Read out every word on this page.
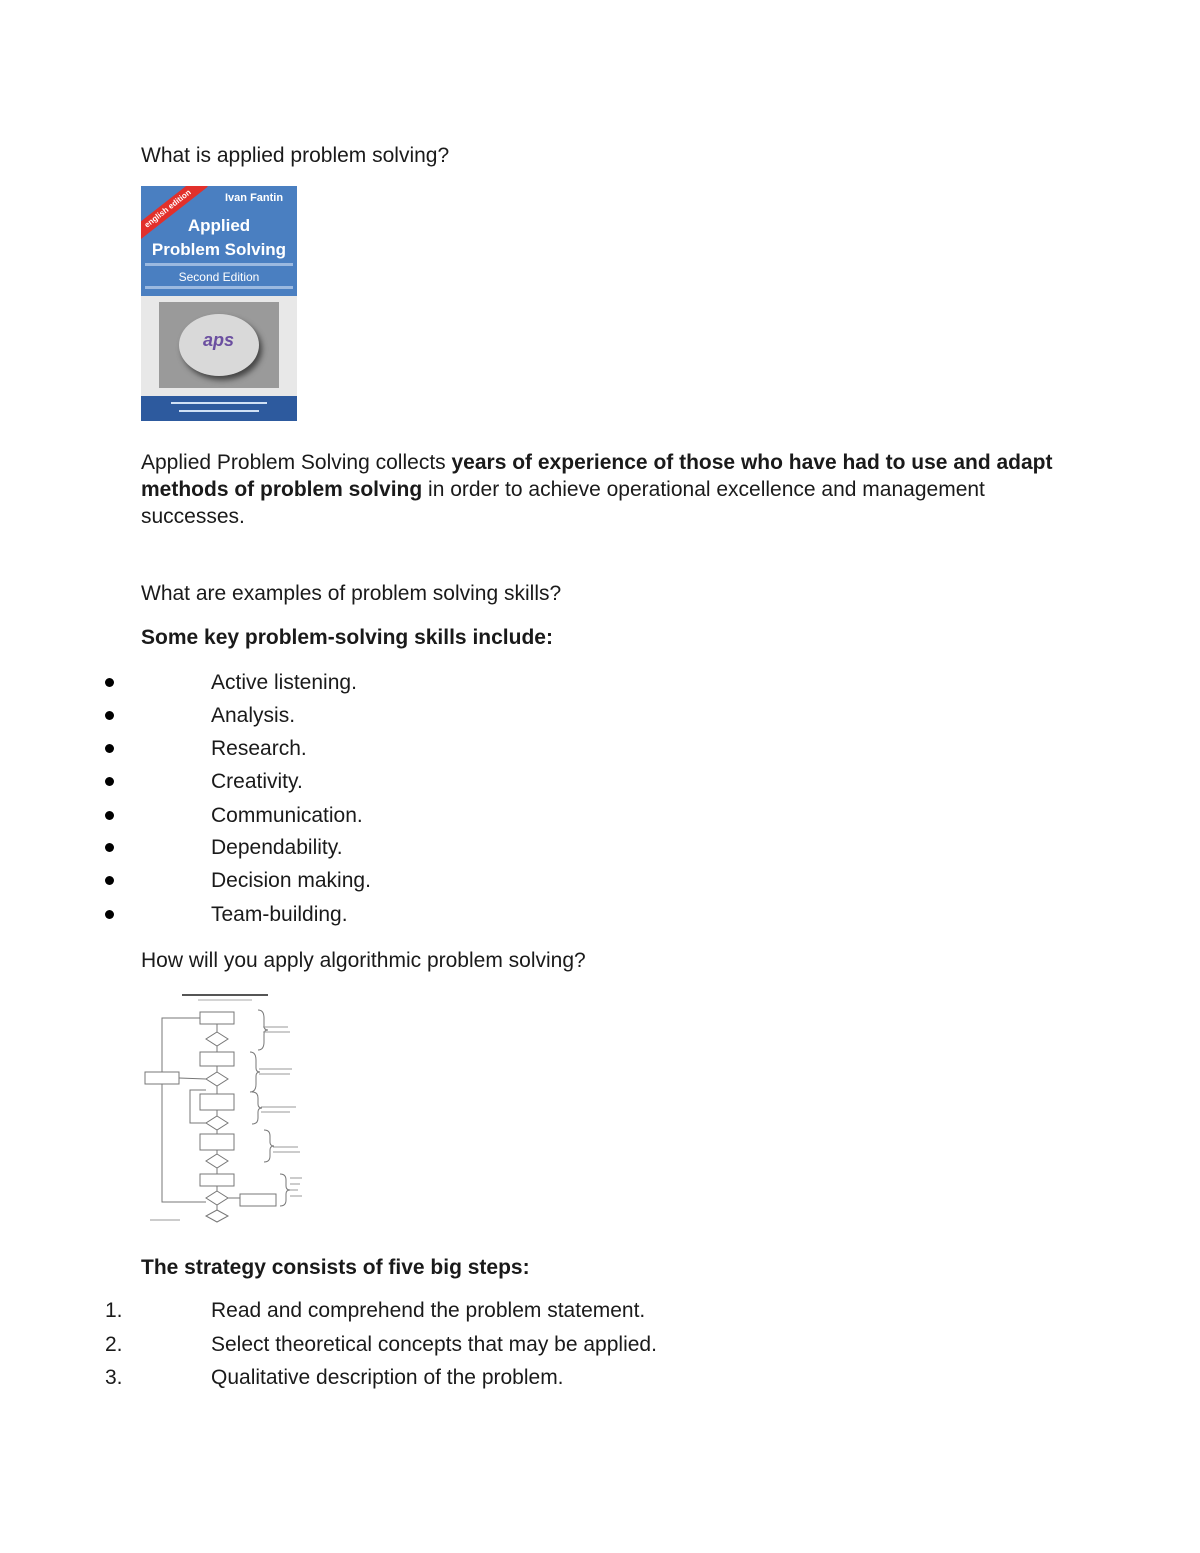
What is applied problem solving?
english edition	Ivan Fantin
Applied
Problem Solving
Second Edition
aps
Applied Problem Solving collects years of experience of those who have had to use and adapt methods of problem solving in order to achieve operational excellence and management successes.
What are examples of problem solving skills?
Some key problem-solving skills include:
Active listening.
Analysis.
Research.
Creativity.
Communication.
Dependability.
Decision making.
Team-building.
How will you apply algorithmic problem solving?
The strategy consists of five big steps:
1.	Read and comprehend the problem statement.
2.	Select theoretical concepts that may be applied.
3.	Qualitative description of the problem.
